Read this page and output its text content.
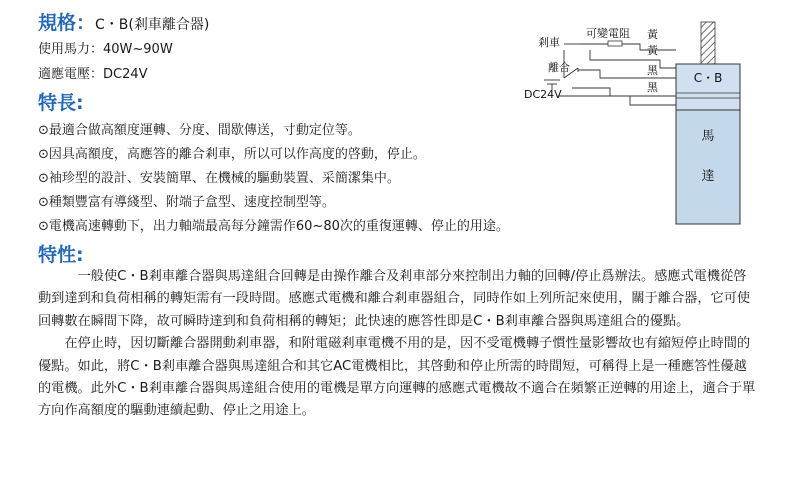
規格：C・B(剎車離合器)
使用馬力：40W~90W
適應電壓：DC24V
特長:
⊙最適合做高額度運轉、分度、間歇傳送，寸動定位等。
⊙因具高額度，高應答的離合剎車，所以可以作高度的啓動，停止。
⊙袖珍型的設計、安裝簡單、在機械的驅動裝置、采簡潔集中。
⊙種類豐富有導綫型、附端子盒型、速度控制型等。
⊙電機高速轉動下，出力軸端最高每分鐘需作60~80次的重復運轉、停止的用途。
特性:

一般使C・B剎車離合器與馬達組合回轉是由操作離合及剎車部分來控制出力軸的回轉/停止爲辦法。感應式電機從啓動到達到和負荷相稱的轉矩需有一段時間。感應式電機和離合剎車器組合，同時作如上列所記來使用，關于離合器，它可使回轉數在瞬間下降，故可瞬時達到和負荷相稱的轉矩；此快速的應答性即是C・B剎車離合器與馬達組合的優點。

在停止時，因切斷離合器開動剎車器，和附電磁剎車電機不用的是，因不受電機轉子慣性量影響故也有縮短停止時間的優點。如此，將C・B剎車離合器與馬達組合和其它AC電機相比，其啓動和停止所需的時間短，可稱得上是一種應答性優越的電機。此外C・B剎車離合器與馬達組合使用的電機是單方向運轉的感應式電機故不適合在頻繁正逆轉的用途上，適合于單方向作高額度的驅動連續起動、停止之用途上。

C・B
馬
達
黃
黃
黑
黑
可變電阻
剎車
離合
DC24V
